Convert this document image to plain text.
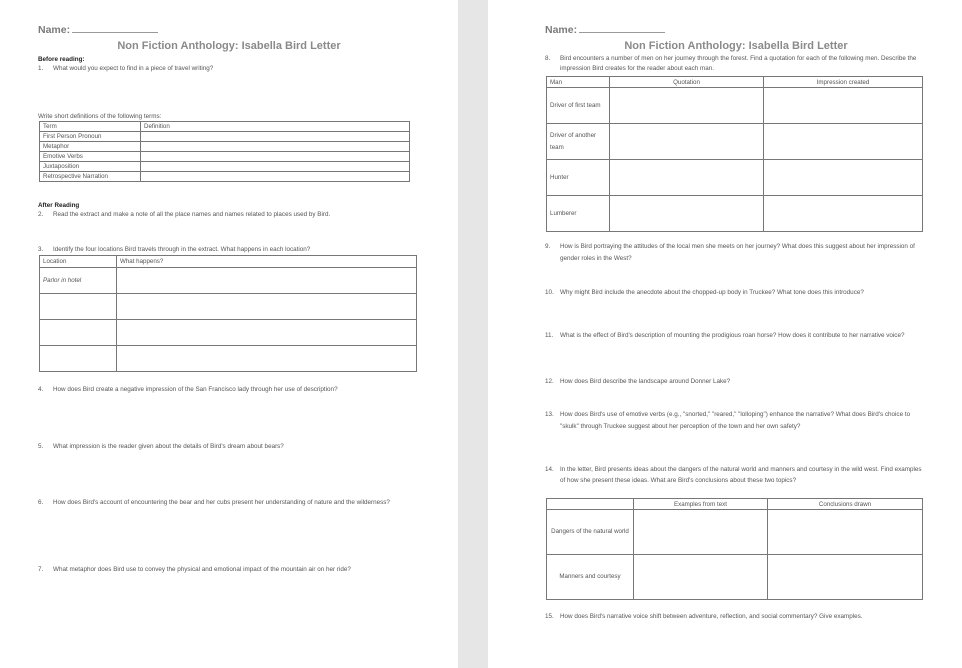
Name:
Non Fiction Anthology: Isabella Bird Letter
Before reading:
1.	What would you expect to find in a piece of travel writing?
Write short definitions of the following terms:
Term	Definition
First Person Pronoun	
Metaphor	
Emotive Verbs	
Juxtaposition	
Retrospective Narration	
After Reading
2.	Read the extract and make a note of all the place names and names related to places used by Bird.
3.	Identify the four locations Bird travels through in the extract. What happens in each location?
Location	What happens?
Parlor in hotel	

4.	How does Bird create a negative impression of the San Francisco lady through her use of description?
5.	What impression is the reader given about the details of Bird's dream about bears?
6.	How does Bird's account of encountering the bear and her cubs present her understanding of nature and the wilderness?
7.	What metaphor does Bird use to convey the physical and emotional impact of the mountain air on her ride?
Name:
Non Fiction Anthology: Isabella Bird Letter
8.	Bird encounters a number of men on her journey through the forest. Find a quotation for each of the following men. Describe the impression Bird creates for the reader about each man.
Man	Quotation	Impression created
Driver of first team		
Driver of another team		
Hunter		
Lumberer		
9.	How is Bird portraying the attitudes of the local men she meets on her journey? What does this suggest about her impression of gender roles in the West?
10. Why might Bird include the anecdote about the chopped-up body in Truckee? What tone does this introduce?
11.	What is the effect of Bird's description of mounting the prodigious roan horse? How does it contribute to her narrative voice?
12. How does Bird describe the landscape around Donner Lake?
13. How does Bird's use of emotive verbs (e.g., "snorted," "reared," "lolloping") enhance the narrative? What does Bird's choice to "skulk" through Truckee suggest about her perception of the town and her own safety?
14. In the letter, Bird presents ideas about the dangers of the natural world and manners and courtesy in the wild west. Find examples of how she present these ideas. What are Bird's conclusions about these two topics?
	Examples from text	Conclusions drawn
Dangers of the natural world		
Manners and courtesy		
15. How does Bird's narrative voice shift between adventure, reflection, and social commentary? Give examples.
